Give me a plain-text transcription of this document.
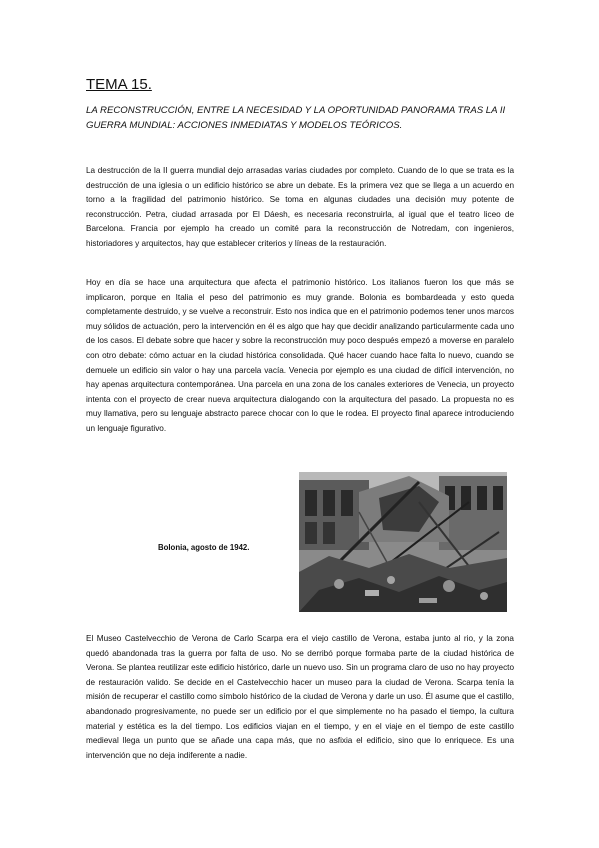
TEMA 15.

LA RECONSTRUCCIÓN, ENTRE LA NECESIDAD Y LA OPORTUNIDAD PANORAMA TRAS LA II GUERRA MUNDIAL: ACCIONES INMEDIATAS Y MODELOS TEÓRICOS.

La destrucción de la II guerra mundial dejo arrasadas varias ciudades por completo. Cuando de lo que se trata es la destrucción de una iglesia o un edificio histórico se abre un debate. Es la primera vez que se llega a un acuerdo en torno a la fragilidad del patrimonio histórico. Se toma en algunas ciudades una decisión muy potente de reconstrucción. Petra, ciudad arrasada por El Dáesh, es necesaria reconstruirla, al igual que el teatro liceo de Barcelona. Francia por ejemplo ha creado un comité para la reconstrucción de Notredam, con ingenieros, historiadores y arquitectos, hay que establecer criterios y líneas de la restauración.

Hoy en día se hace una arquitectura que afecta el patrimonio histórico. Los italianos fueron los que más se implicaron, porque en Italia el peso del patrimonio es muy grande. Bolonia es bombardeada y esto queda completamente destruido, y se vuelve a reconstruir. Esto nos indica que en el patrimonio podemos tener unos marcos muy sólidos de actuación, pero la intervención en él es algo que hay que decidir analizando particularmente cada uno de los casos. El debate sobre que hacer y sobre la reconstrucción muy poco después empezó a moverse en paralelo con otro debate: cómo actuar en la ciudad histórica consolidada. Qué hacer cuando hace falta lo nuevo, cuando se demuele un edificio sin valor o hay una parcela vacía. Venecia por ejemplo es una ciudad de difícil intervención, no hay apenas arquitectura contemporánea. Una parcela en una zona de los canales exteriores de Venecia, un proyecto intenta con el proyecto de crear nueva arquitectura dialogando con la arquitectura del pasado. La propuesta no es muy llamativa, pero su lenguaje abstracto parece chocar con lo que le rodea. El proyecto final aparece introduciendo un lenguaje figurativo.

Bolonia, agosto de 1942.

El Museo Castelvecchio de Verona de Carlo Scarpa era el viejo castillo de Verona, estaba junto al rio, y la zona quedó abandonada tras la guerra por falta de uso. No se derribó porque formaba parte de la ciudad histórica de Verona. Se plantea reutilizar este edificio histórico, darle un nuevo uso. Sin un programa claro de uso no hay proyecto de restauración valido. Se decide en el Castelvecchio hacer un museo para la ciudad de Verona. Scarpa tenía la misión de recuperar el castillo como símbolo histórico de la ciudad de Verona y darle un uso. Él asume que el castillo, abandonado progresivamente, no puede ser un edificio por el que simplemente no ha pasado el tiempo, la cultura material y estética es la del tiempo. Los edificios viajan en el tiempo, y en el viaje en el tiempo de este castillo medieval llega un punto que se añade una capa más, que no asfixia el edificio, sino que lo enriquece. Es una intervención que no deja indiferente a nadie.
